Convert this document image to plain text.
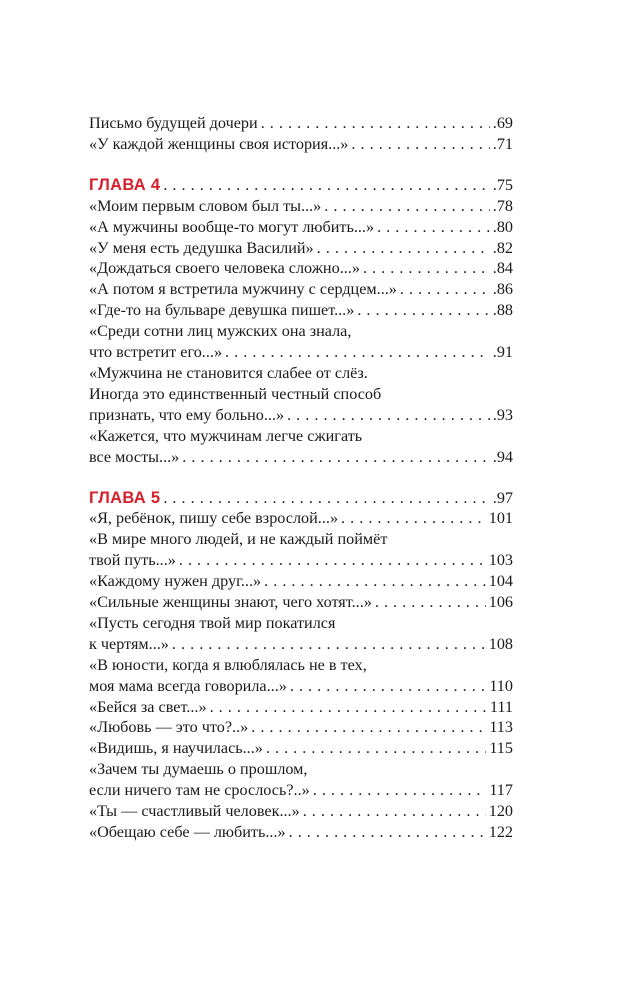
Письмо будущей дочери . . .	.69
«У каждой женщины своя история...» . . .	.71
ГЛАВА 4 . . .	.75
«Моим первым словом был ты...» . . .	.78
«А мужчины вообще-то могут любить...» . . .	.80
«У меня есть дедушка Василий» . . .	.82
«Дождаться своего человека сложно...» . . .	.84
«А потом я встретила мужчину с сердцем...» . . .	.86
«Где-то на бульваре девушка пишет...» . . .	.88
«Среди сотни лиц мужских она знала,
что встретит его...» . . .	.91
«Мужчина не становится слабее от слёз.
Иногда это единственный честный способ
признать, что ему больно...» . . .	.93
«Кажется, что мужчинам легче сжигать
все мосты...» . . .	.94
ГЛАВА 5 . . .	.97
«Я, ребёнок, пишу себе взрослой...» . . .	101
«В мире много людей, и не каждый поймёт
твой путь...» . . .	103
«Каждому нужен друг...» . . .	104
«Сильные женщины знают, чего хотят...» . . .	106
«Пусть сегодня твой мир покатился
к чертям...» . . .	108
«В юности, когда я влюблялась не в тех,
моя мама всегда говорила...» . . .	110
«Бейся за свет...» . . .	111
«Любовь — это что?..» . . .	113
«Видишь, я научилась...» . . .	115
«Зачем ты думаешь о прошлом,
если ничего там не срослось?..» . . .	117
«Ты — счастливый человек...» . . .	120
«Обещаю себе — любить...» . . .	122
